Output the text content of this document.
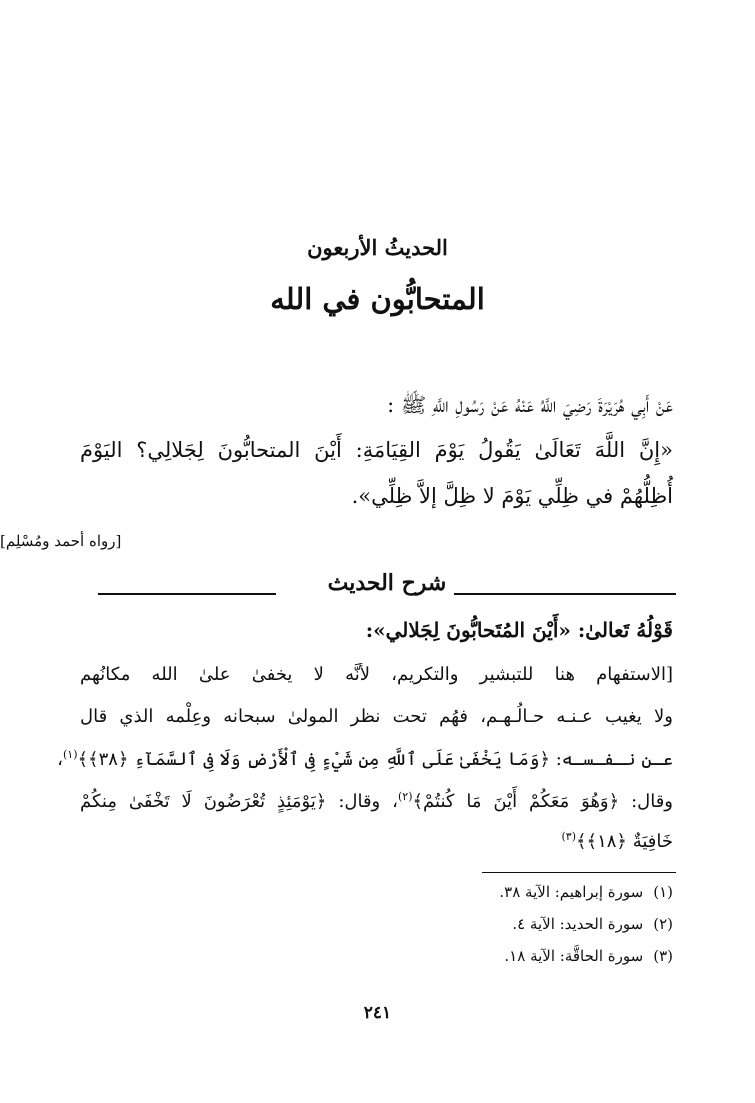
الحديثُ الأربعون
المتحابُّون في الله
عَنْ أَبِي هُرَيْرَةَ رَضِيَ اللَّهُ عَنْهُ عَنْ رَسُولِ اللَّهِ ﷺ :
«إِنَّ اللَّهَ تَعَالَىٰ يَقُولُ يَوْمَ القِيَامَةِ: أَيْنَ المتحابُّونَ لِجَلالِي؟ اليَوْمَ
أُظِلُّهُمْ في ظِلِّي يَوْمَ لا ظِلَّ إلاَّ ظِلِّي».
[رواه أحمد ومُسْلِم]
شرح الحديث
قَوْلُهُ تَعالىٰ: «أَيْنَ المُتَحابُّونَ لِجَلالي»:
[الاستفهام هنا للتبشير والتكريم، لأنَّه لا يخفىٰ علىٰ الله مكانُهم
ولا يغيب عـنـه حـالُـهـم، فهُم تحت نظر المولىٰ سبحانه وعِلْمه الذي قال
عـن نـفـسـه: ﴿وَمَا يَخْفَىٰ عَلَى ٱللَّهِ مِن شَيْءٍ فِى ٱلْأَرْضِ وَلَا فِى ٱلسَّمَآءِ ﴿٣٨﴾﴾$^{(١)}$،
وقال: ﴿وَهُوَ مَعَكُمْ أَيْنَ مَا كُنتُمْ﴾$^{(٢)}$، وقال: ﴿يَوْمَئِذٍ تُعْرَضُونَ لَا تَخْفَىٰ مِنكُمْ
خَافِيَةٌ ﴿١٨﴾﴾$^{(٣)}$
(١)سورة إبراهيم: الآية ٣٨.
(٢)سورة الحديد: الآية ٤.
(٣)سورة الحاقَّة: الآية ١٨.
٢٤١
